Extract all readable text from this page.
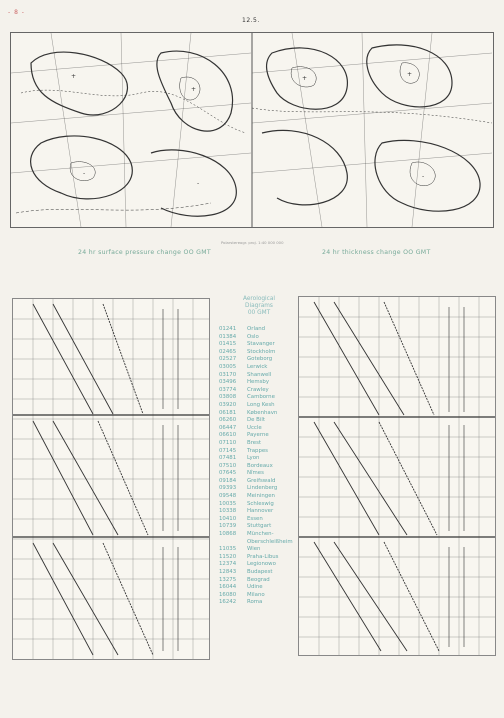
- 8 -
12.5.
+
+
-
-
+
+
-
24 hr surface pressure change OO GMT
Polarstereogr. proj. 1:40 000 000
24 hr thickness change OO GMT
Aerological
Diagrams
00 GMT
01241	Orland
01384	Oslo
01415	Stavanger
02465	Stockholm
02527	Goteborg
03005	Lerwick
03170	Shanwell
03496	Hemsby
03774	Crawley
03808	Camborne
03920	Long Kesh
06181	København
06260	De Bilt
06447	Uccle
06610	Payerne
07110	Brest
07145	Trappes
07481	Lyon
07510	Bordeaux
07645	Nîmes
09184	Greifswald
09393	Lindenberg
09548	Meiningen
10035	Schleswig
10338	Hannover
10410	Essen
10739	Stuttgart
10868	München-
Oberschleißheim
11035	Wien
11520	Praha-Libus
12374	Legionowo
12843	Budapest
13275	Beograd
16044	Udine
16080	Milano
16242	Roma
